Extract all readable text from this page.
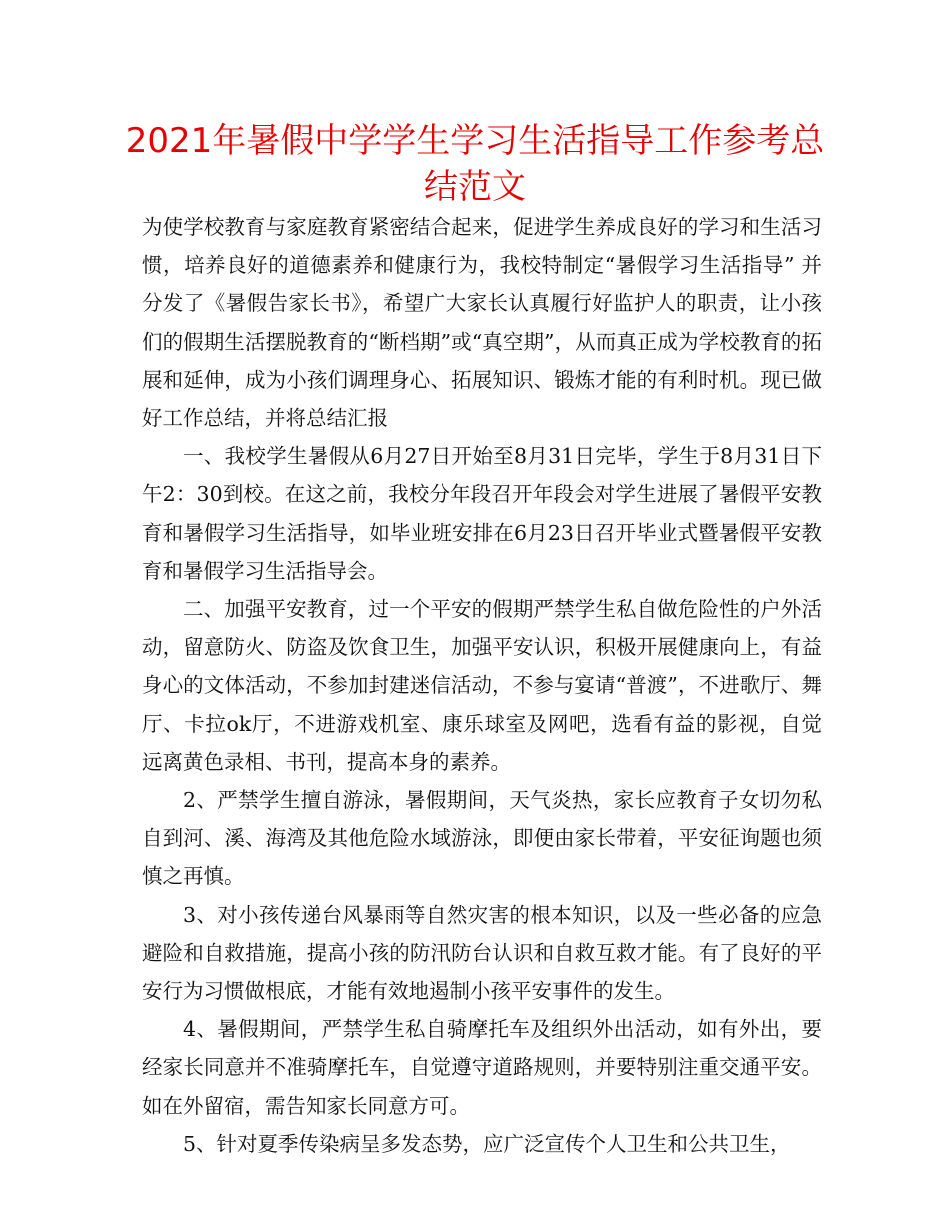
2021年暑假中学学生学习生活指导工作参考总结范文

为使学校教育与家庭教育紧密结合起来，促进学生养成良好的学习和生活习惯，培养良好的道德素养和健康行为，我校特制定“暑假学习生活指导” 并分发了《暑假告家长书》，希望广大家长认真履行好监护人的职责，让小孩们的假期生活摆脱教育的“断档期”或“真空期”，从而真正成为学校教育的拓展和延伸，成为小孩们调理身心、拓展知识、锻炼才能的有利时机。现已做好工作总结，并将总结汇报

一、我校学生暑假从6月27日开始至8月31日完毕，学生于8月31日下午2：30到校。在这之前，我校分年段召开年段会对学生进展了暑假平安教育和暑假学习生活指导，如毕业班安排在6月23日召开毕业式暨暑假平安教育和暑假学习生活指导会。

二、加强平安教育，过一个平安的假期严禁学生私自做危险性的户外活动，留意防火、防盗及饮食卫生，加强平安认识，积极开展健康向上，有益身心的文体活动，不参加封建迷信活动，不参与宴请“普渡”，不进歌厅、舞厅、卡拉ok厅，不进游戏机室、康乐球室及网吧，选看有益的影视，自觉远离黄色录相、书刊，提高本身的素养。

2、严禁学生擅自游泳，暑假期间，天气炎热，家长应教育子女切勿私自到河、溪、海湾及其他危险水域游泳，即便由家长带着，平安征询题也须慎之再慎。

3、对小孩传递台风暴雨等自然灾害的根本知识，以及一些必备的应急避险和自救措施，提高小孩的防汛防台认识和自救互救才能。有了良好的平安行为习惯做根底，才能有效地遏制小孩平安事件的发生。

4、暑假期间，严禁学生私自骑摩托车及组织外出活动，如有外出，要经家长同意并不准骑摩托车，自觉遵守道路规则，并要特别注重交通平安。如在外留宿，需告知家长同意方可。

5、针对夏季传染病呈多发态势，应广泛宣传个人卫生和公共卫生，
